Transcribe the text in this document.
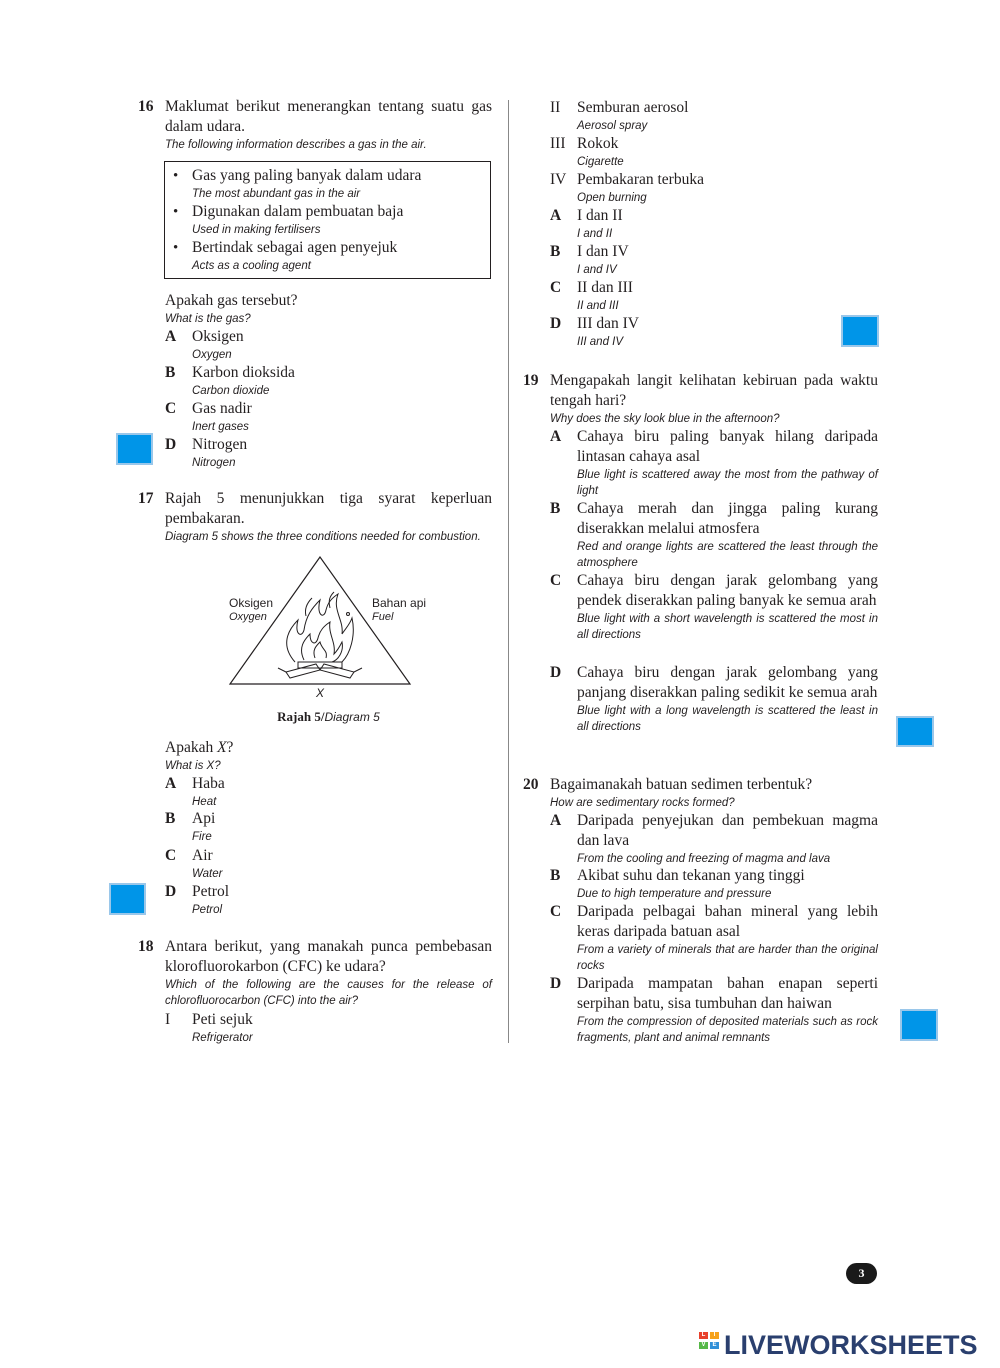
16 Maklumat berikut menerangkan tentang suatu gas dalam udara.
The following information describes a gas in the air.
• Gas yang paling banyak dalam udara
The most abundant gas in the air
• Digunakan dalam pembuatan baja
Used in making fertilisers
• Bertindak sebagai agen penyejuk
Acts as a cooling agent
Apakah gas tersebut?
What is the gas?
A Oksigen
Oxygen
B Karbon dioksida
Carbon dioxide
C Gas nadir
Inert gases
D Nitrogen
Nitrogen
17 Rajah 5 menunjukkan tiga syarat keperluan pembakaran.
Diagram 5 shows the three conditions needed for combustion.
Oksigen
Oxygen
Bahan api
Fuel
X
Rajah 5/Diagram 5
Apakah X?
What is X?
A Haba
Heat
B Api
Fire
C Air
Water
D Petrol
Petrol
18 Antara berikut, yang manakah punca pembebasan klorofluorokarbon (CFC) ke udara?
Which of the following are the causes for the release of chlorofluorocarbon (CFC) into the air?
I Peti sejuk
Refrigerator
II Semburan aerosol
Aerosol spray
III Rokok
Cigarette
IV Pembakaran terbuka
Open burning
A I dan II
I and II
B I dan IV
I and IV
C II dan III
II and III
D III dan IV
III and IV
19 Mengapakah langit kelihatan kebiruan pada waktu tengah hari?
Why does the sky look blue in the afternoon?
A Cahaya biru paling banyak hilang daripada lintasan cahaya asal
Blue light is scattered away the most from the pathway of light
B Cahaya merah dan jingga paling kurang diserakkan melalui atmosfera
Red and orange lights are scattered the least through the atmosphere
C Cahaya biru dengan jarak gelombang yang pendek diserakkan paling banyak ke semua arah
Blue light with a short wavelength is scattered the most in all directions
D Cahaya biru dengan jarak gelombang yang panjang diserakkan paling sedikit ke semua arah
Blue light with a long wavelength is scattered the least in all directions
20 Bagaimanakah batuan sedimen terbentuk?
How are sedimentary rocks formed?
A Daripada penyejukan dan pembekuan magma dan lava
From the cooling and freezing of magma and lava
B Akibat suhu dan tekanan yang tinggi
Due to high temperature and pressure
C Daripada pelbagai bahan mineral yang lebih keras daripada batuan asal
From a variety of minerals that are harder than the original rocks
D Daripada mampatan bahan enapan seperti serpihan batu, sisa tumbuhan dan haiwan
From the compression of deposited materials such as rock fragments, plant and animal remnants
3
L	I
V	E LIVEWORKSHEETS
